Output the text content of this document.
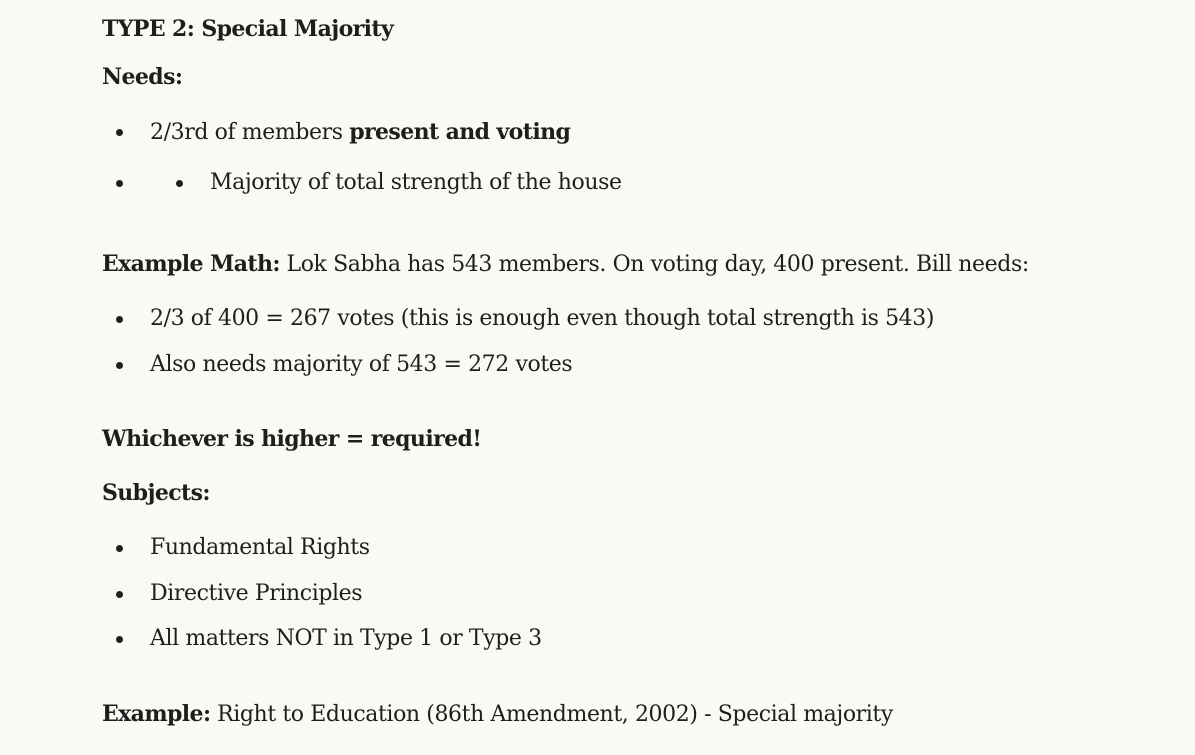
TYPE 2: Special Majority
Needs:
2/3rd of members present and voting
Majority of total strength of the house
Example Math: Lok Sabha has 543 members. On voting day, 400 present. Bill needs:
2/3 of 400 = 267 votes (this is enough even though total strength is 543)
Also needs majority of 543 = 272 votes
Whichever is higher = required!
Subjects:
Fundamental Rights
Directive Principles
All matters NOT in Type 1 or Type 3
Example: Right to Education (86th Amendment, 2002) - Special majority
